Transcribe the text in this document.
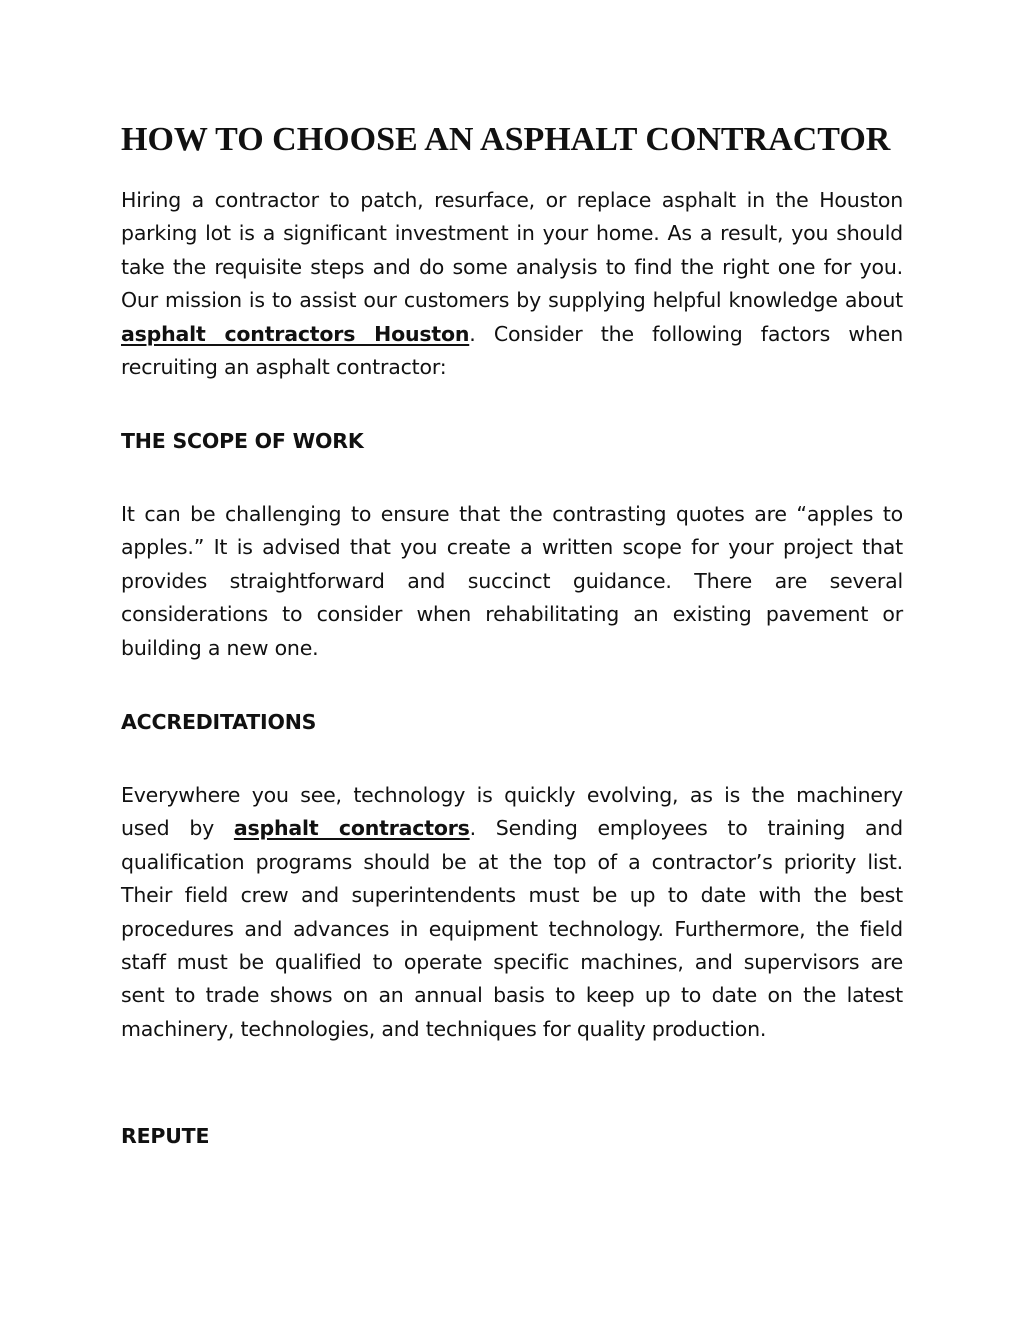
HOW TO CHOOSE AN ASPHALT CONTRACTOR

Hiring a contractor to patch, resurface, or replace asphalt in the Houston parking lot is a significant investment in your home. As a result, you should take the requisite steps and do some analysis to find the right one for you. Our mission is to assist our customers by supplying helpful knowledge about asphalt contractors Houston. Consider the following factors when recruiting an asphalt contractor:

THE SCOPE OF WORK

It can be challenging to ensure that the contrasting quotes are “apples to apples.” It is advised that you create a written scope for your project that provides straightforward and succinct guidance. There are several considerations to consider when rehabilitating an existing pavement or building a new one.

ACCREDITATIONS

Everywhere you see, technology is quickly evolving, as is the machinery used by asphalt contractors. Sending employees to training and qualification programs should be at the top of a contractor’s priority list. Their field crew and superintendents must be up to date with the best procedures and advances in equipment technology. Furthermore, the field staff must be qualified to operate specific machines, and supervisors are sent to trade shows on an annual basis to keep up to date on the latest machinery, technologies, and techniques for quality production.

REPUTE
